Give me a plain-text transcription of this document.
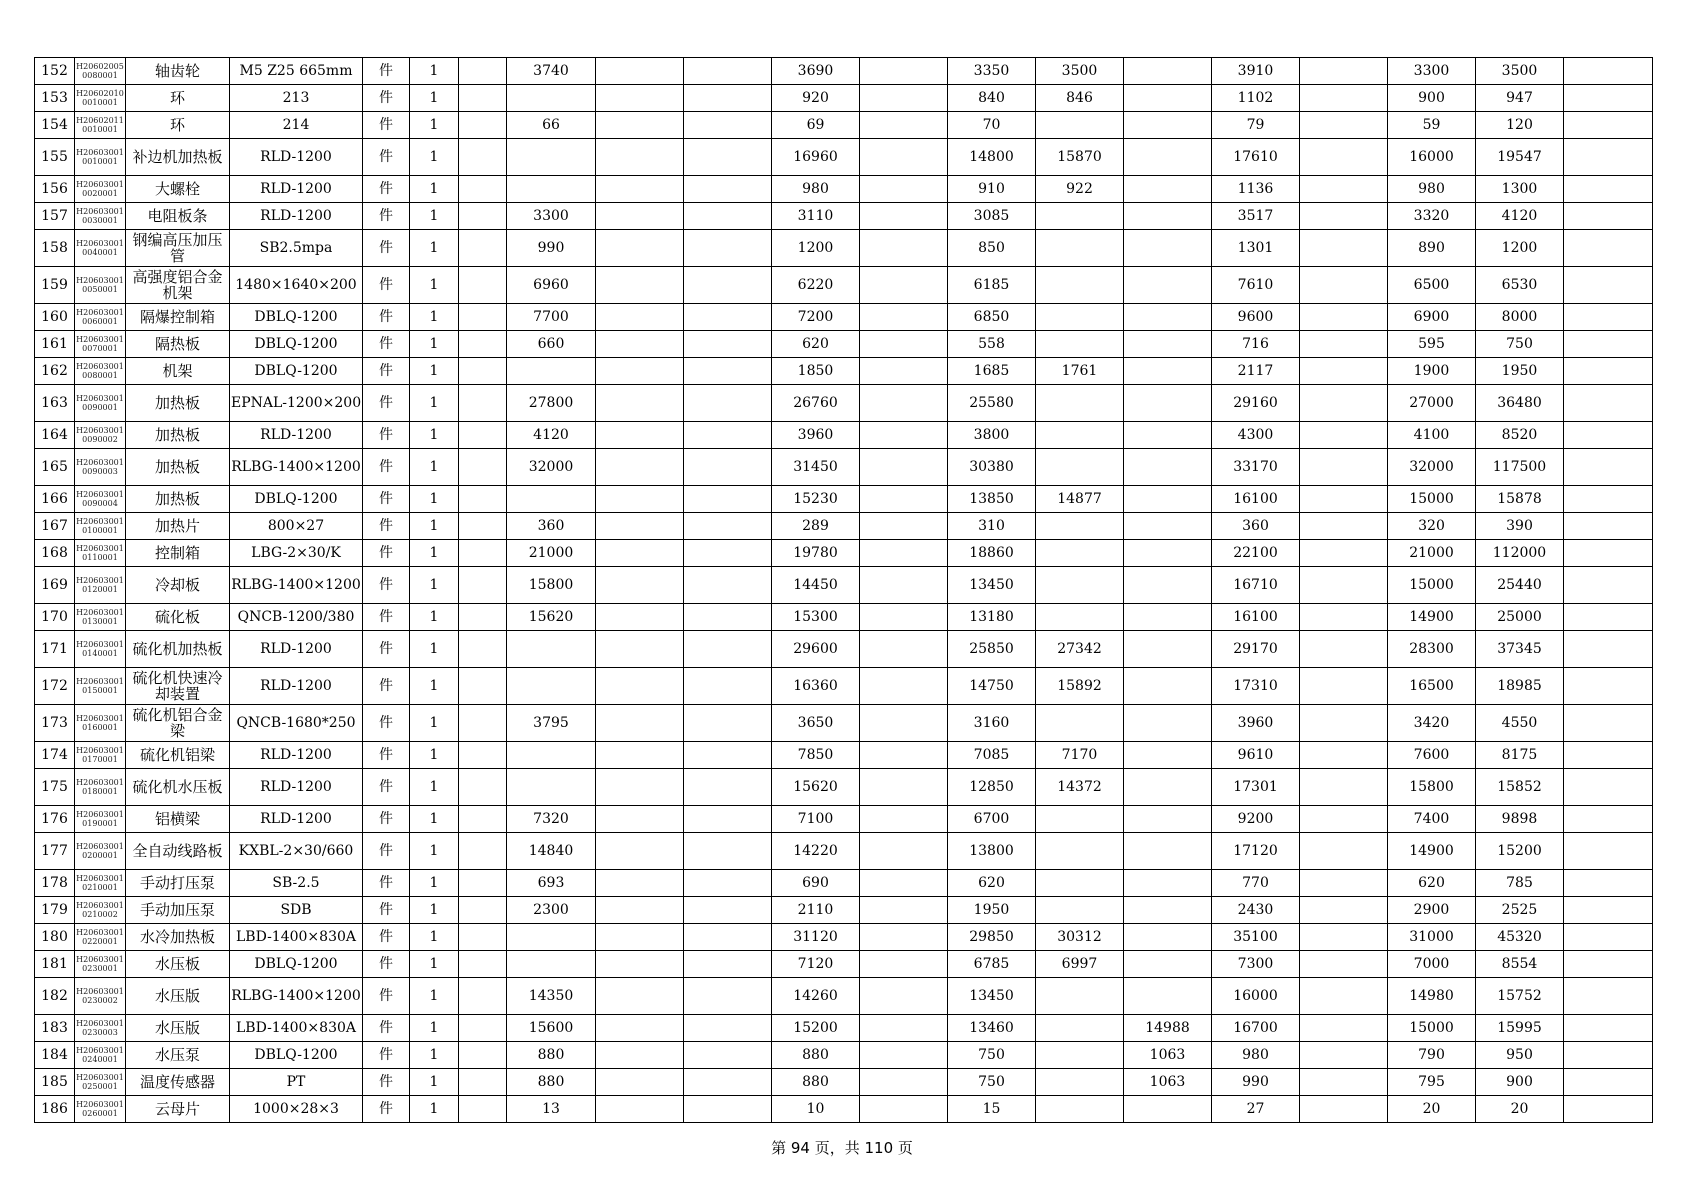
152	H206020050080001	轴齿轮	M5 Z25 665mm	件	1		3740			3690		3350	3500		3910		3300	3500	
153	H206020100010001	环	213	件	1					920		840	846		1102		900	947	
154	H206020110010001	环	214	件	1		66			69		70			79		59	120	
155	H206030010010001	补边机加热板	RLD-1200	件	1					16960		14800	15870		17610		16000	19547	
156	H206030010020001	大螺栓	RLD-1200	件	1					980		910	922		1136		980	1300	
157	H206030010030001	电阻板条	RLD-1200	件	1		3300			3110		3085			3517		3320	4120	
158	H206030010040001	钢编高压加压管	SB2.5mpa	件	1		990			1200		850			1301		890	1200	
159	H206030010050001	高强度铝合金机架	1480×1640×200	件	1		6960			6220		6185			7610		6500	6530	
160	H206030010060001	隔爆控制箱	DBLQ-1200	件	1		7700			7200		6850			9600		6900	8000	
161	H206030010070001	隔热板	DBLQ-1200	件	1		660			620		558			716		595	750	
162	H206030010080001	机架	DBLQ-1200	件	1					1850		1685	1761		2117		1900	1950	
163	H206030010090001	加热板	EPNAL-1200×200	件	1		27800			26760		25580			29160		27000	36480	
164	H206030010090002	加热板	RLD-1200	件	1		4120			3960		3800			4300		4100	8520	
165	H206030010090003	加热板	RLBG-1400×1200	件	1		32000			31450		30380			33170		32000	117500	
166	H206030010090004	加热板	DBLQ-1200	件	1					15230		13850	14877		16100		15000	15878	
167	H206030010100001	加热片	800×27	件	1		360			289		310			360		320	390	
168	H206030010110001	控制箱	LBG-2×30/K	件	1		21000			19780		18860			22100		21000	112000	
169	H206030010120001	冷却板	RLBG-1400×1200	件	1		15800			14450		13450			16710		15000	25440	
170	H206030010130001	硫化板	QNCB-1200/380	件	1		15620			15300		13180			16100		14900	25000	
171	H206030010140001	硫化机加热板	RLD-1200	件	1					29600		25850	27342		29170		28300	37345	
172	H206030010150001	硫化机快速冷却装置	RLD-1200	件	1					16360		14750	15892		17310		16500	18985	
173	H206030010160001	硫化机铝合金梁	QNCB-1680*250	件	1		3795			3650		3160			3960		3420	4550	
174	H206030010170001	硫化机铝梁	RLD-1200	件	1					7850		7085	7170		9610		7600	8175	
175	H206030010180001	硫化机水压板	RLD-1200	件	1					15620		12850	14372		17301		15800	15852	
176	H206030010190001	铝横梁	RLD-1200	件	1		7320			7100		6700			9200		7400	9898	
177	H206030010200001	全自动线路板	KXBL-2×30/660	件	1		14840			14220		13800			17120		14900	15200	
178	H206030010210001	手动打压泵	SB-2.5	件	1		693			690		620			770		620	785	
179	H206030010210002	手动加压泵	SDB	件	1		2300			2110		1950			2430		2900	2525	
180	H206030010220001	水冷加热板	LBD-1400×830A	件	1					31120		29850	30312		35100		31000	45320	
181	H206030010230001	水压板	DBLQ-1200	件	1					7120		6785	6997		7300		7000	8554	
182	H206030010230002	水压版	RLBG-1400×1200	件	1		14350			14260		13450			16000		14980	15752	
183	H206030010230003	水压版	LBD-1400×830A	件	1		15600			15200		13460		14988	16700		15000	15995	
184	H206030010240001	水压泵	DBLQ-1200	件	1		880			880		750		1063	980		790	950	
185	H206030010250001	温度传感器	PT	件	1		880			880		750		1063	990		795	900	
186	H206030010260001	云母片	1000×28×3	件	1		13			10		15			27		20	20	
第 94 页，共 110 页
